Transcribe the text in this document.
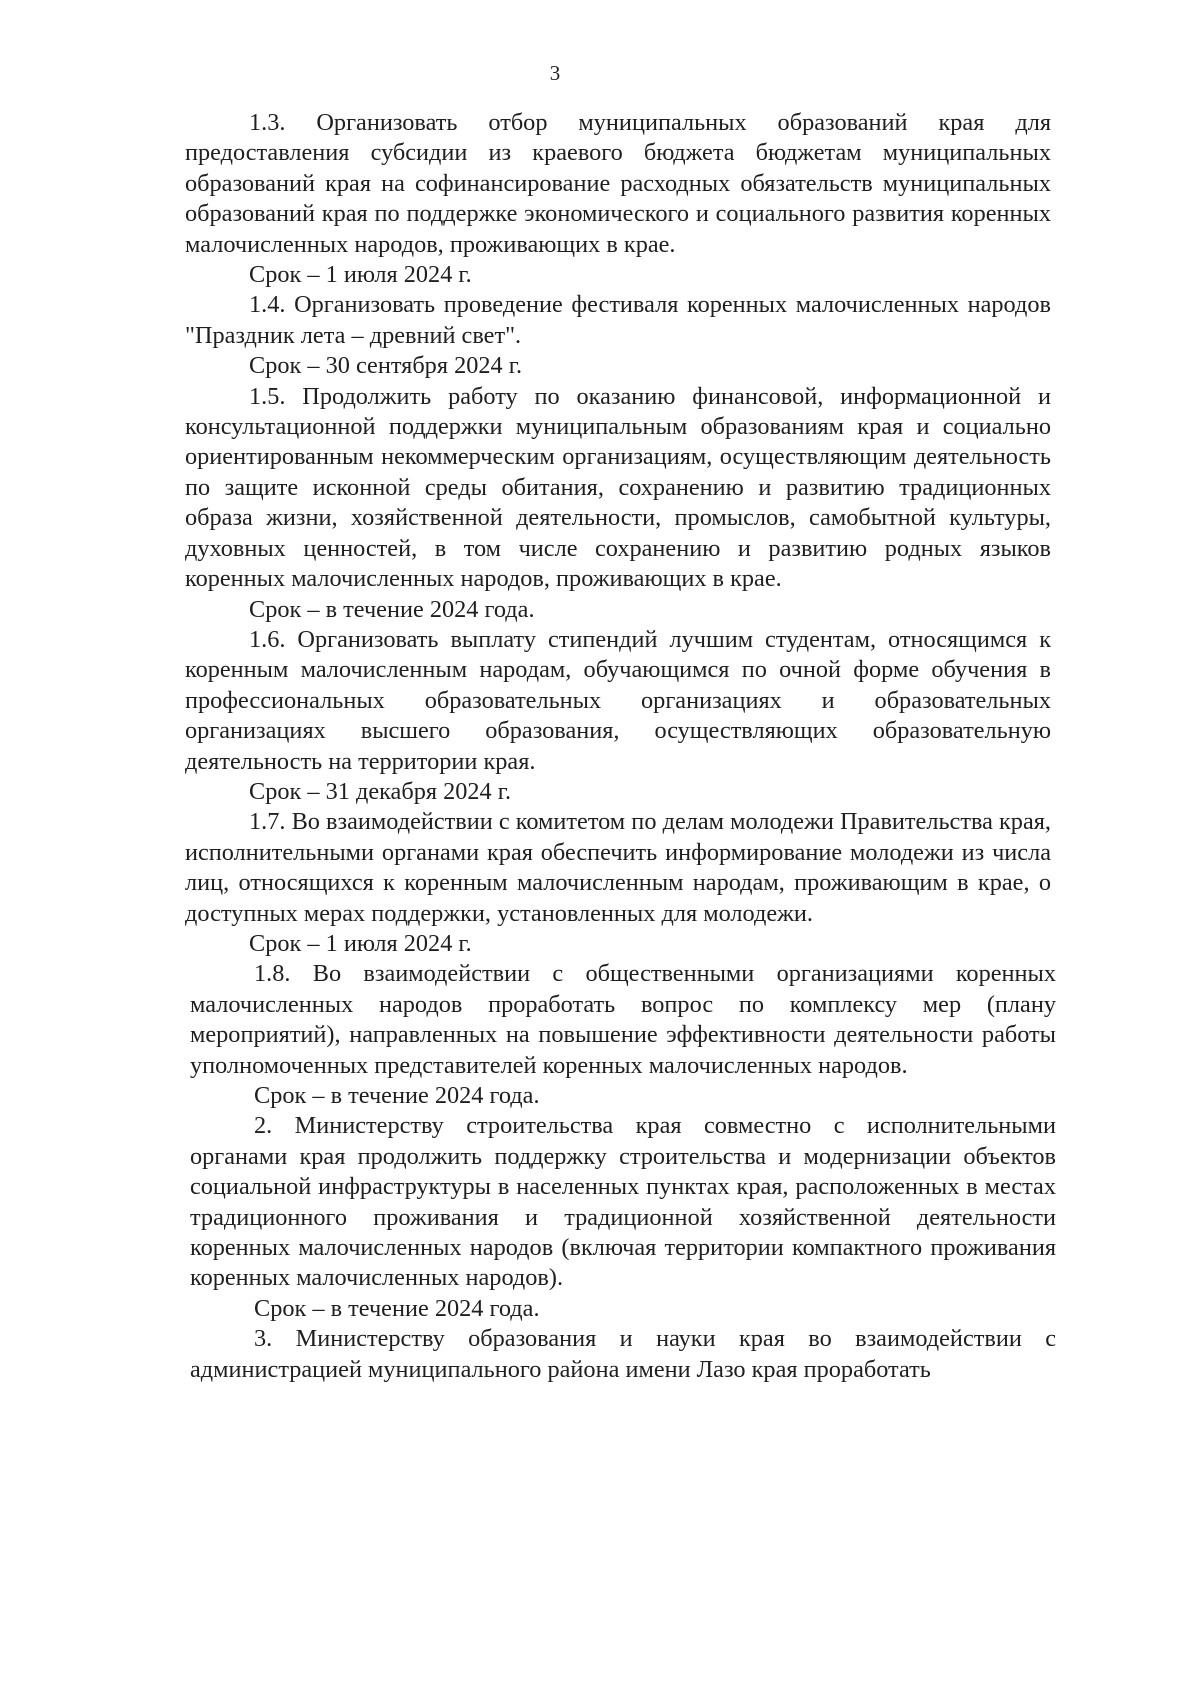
3

1.3. Организовать отбор муниципальных образований края для предоставления субсидии из краевого бюджета бюджетам муниципальных образований края на софинансирование расходных обязательств муниципальных образований края по поддержке экономического и социального развития коренных малочисленных народов, проживающих в крае.

Срок – 1 июля 2024 г.

1.4. Организовать проведение фестиваля коренных малочисленных народов "Праздник лета – древний свет".

Срок – 30 сентября 2024 г.

1.5. Продолжить работу по оказанию финансовой, информационной и консультационной поддержки муниципальным образованиям края и социально ориентированным некоммерческим организациям, осуществляющим деятельность по защите исконной среды обитания, сохранению и развитию традиционных образа жизни, хозяйственной деятельности, промыслов, самобытной культуры, духовных ценностей, в том числе сохранению и развитию родных языков коренных малочисленных народов, проживающих в крае.

Срок – в течение 2024 года.

1.6. Организовать выплату стипендий лучшим студентам, относящимся к коренным малочисленным народам, обучающимся по очной форме обучения в профессиональных образовательных организациях и образовательных организациях высшего образования, осуществляющих образовательную деятельность на территории края.

Срок – 31 декабря 2024 г.

1.7. Во взаимодействии с комитетом по делам молодежи Правительства края, исполнительными органами края обеспечить информирование молодежи из числа лиц, относящихся к коренным малочисленным народам, проживающим в крае, о доступных мерах поддержки, установленных для молодежи.

Срок – 1 июля 2024 г.

1.8. Во взаимодействии с общественными организациями коренных малочисленных народов проработать вопрос по комплексу мер (плану мероприятий), направленных на повышение эффективности деятельности работы уполномоченных представителей коренных малочисленных народов.

Срок – в течение 2024 года.

2. Министерству строительства края совместно с исполнительными органами края продолжить поддержку строительства и модернизации объектов социальной инфраструктуры в населенных пунктах края, расположенных в местах традиционного проживания и традиционной хозяйственной деятельности коренных малочисленных народов (включая территории компактного проживания коренных малочисленных народов).

Срок – в течение 2024 года.

3. Министерству образования и науки края во взаимодействии с администрацией муниципального района имени Лазо края проработать
